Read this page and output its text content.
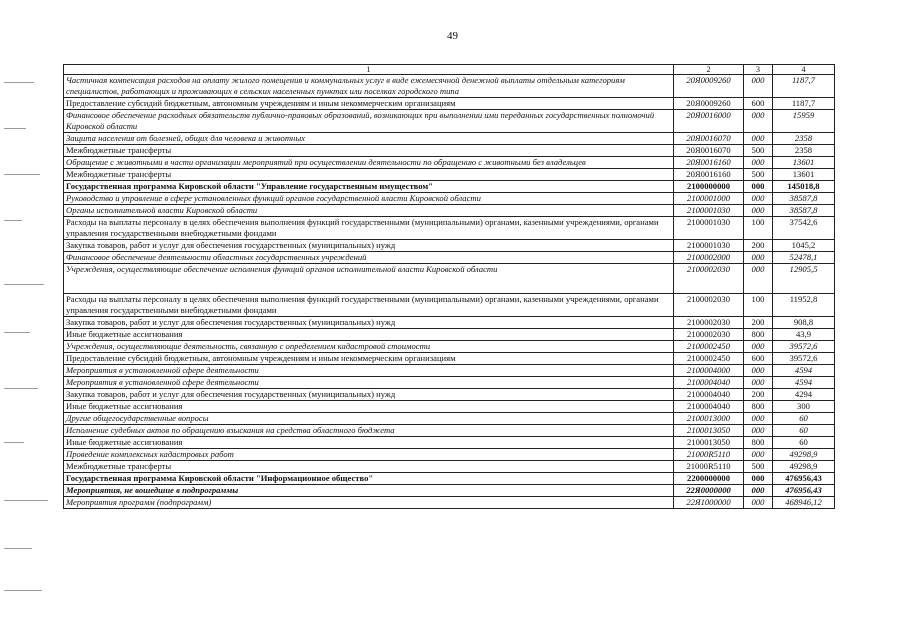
49
1	2	3	4
Частичная компенсация расходов на оплату жилого помещения и коммунальных услуг в виде ежемесячной денежной выплаты отдельным категориям специалистов, работающих и проживающих в сельских населенных пунктах или поселках городского типа	20Я0009260	000	1187,7
Предоставление субсидий бюджетным, автономным учреждениям и иным некоммерческим организациям	20Я0009260	600	1187,7
Финансовое обеспечение расходных обязательств публично-правовых образований, возникающих при выполнении ими переданных государственных полномочий Кировской области	20Я0016000	000	15959
Защита населения от болезней, общих для человека и животных	20Я0016070	000	2358
Межбюджетные трансферты	20Я0016070	500	2358
Обращение с животными в части организации мероприятий при осуществлении деятельности по обращению с животными без владельцев	20Я0016160	000	13601
Межбюджетные трансферты	20Я0016160	500	13601
Государственная программа Кировской области "Управление государственным имуществом"	2100000000	000	145018,8
Руководство и управление в сфере установленных функций органов государственной власти Кировской области	2100001000	000	38587,8
Органы исполнительной власти Кировской области	2100001030	000	38587,8
Расходы на выплаты персоналу в целях обеспечения выполнения функций государственными (муниципальными) органами, казенными учреждениями, органами управления государственными внебюджетными фондами	2100001030	100	37542,6
Закупка товаров, работ и услуг для обеспечения государственных (муниципальных) нужд	2100001030	200	1045,2
Финансовое обеспечение деятельности областных государственных учреждений	2100002000	000	52478,1
Учреждения, осуществляющие обеспечение исполнения функций органов исполнительной власти Кировской области	2100002030	000	12905,5
Расходы на выплаты персоналу в целях обеспечения выполнения функций государственными (муниципальными) органами, казенными учреждениями, органами управления государственными внебюджетными фондами	2100002030	100	11952,8
Закупка товаров, работ и услуг для обеспечения государственных (муниципальных) нужд	2100002030	200	908,8
Иные бюджетные ассигнования	2100002030	800	43,9
Учреждения, осуществляющие деятельность, связанную с определением кадастровой стоимости	2100002450	000	39572,6
Предоставление субсидий бюджетным, автономным учреждениям и иным некоммерческим организациям	2100002450	600	39572,6
Мероприятия в установленной сфере деятельности	2100004000	000	4594
Мероприятия в установленной сфере деятельности	2100004040	000	4594
Закупка товаров, работ и услуг для обеспечения государственных (муниципальных) нужд	2100004040	200	4294
Иные бюджетные ассигнования	2100004040	800	300
Другие общегосударственные вопросы	2100013000	000	60
Исполнение судебных актов по обращению взыскания на средства областного бюджета	2100013050	000	60
Иные бюджетные ассигнования	2100013050	800	60
Проведение комплексных кадастровых работ	21000R5110	000	49298,9
Межбюджетные трансферты	21000R5110	500	49298,9
Государственная программа Кировской области "Информационное общество"	2200000000	000	476956,43
Мероприятия, не вошедшие в подпрограммы	22Я0000000	000	476956,43
Мероприятия программ (подпрограмм)	22Я1000000	000	468946,12
